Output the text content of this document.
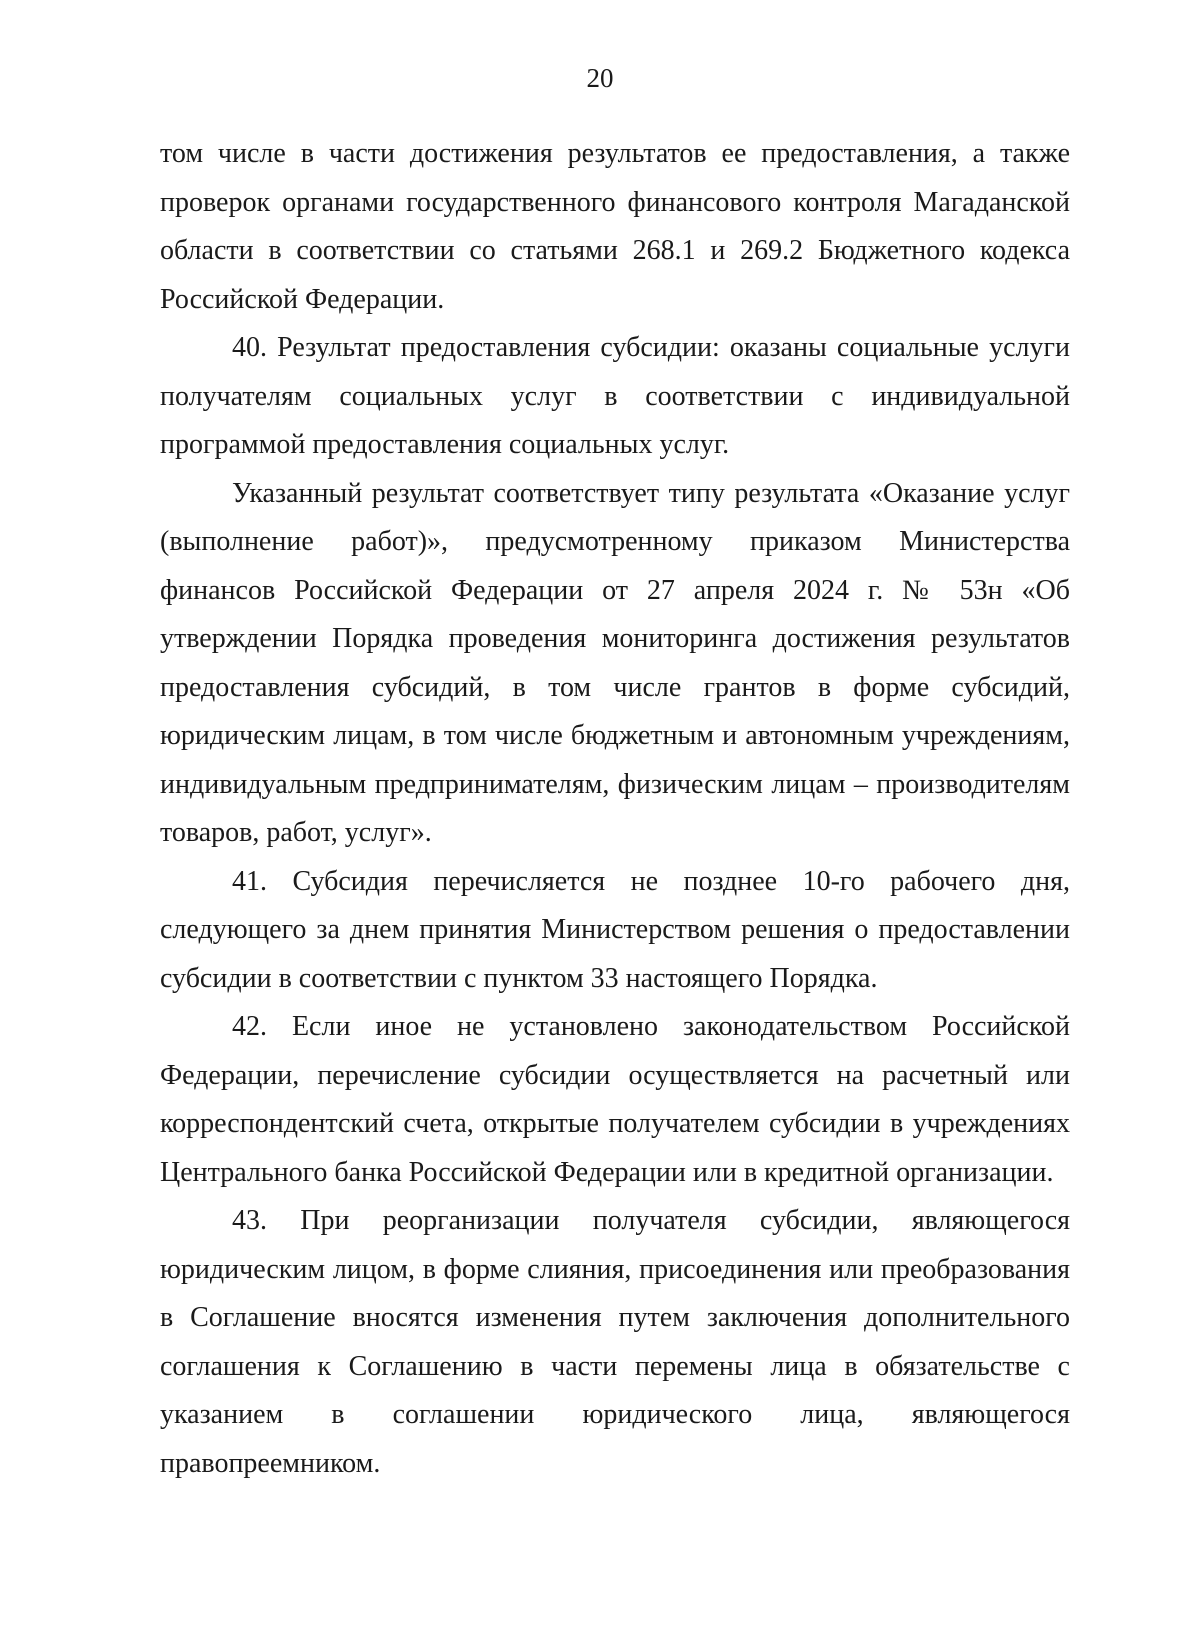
20

том числе в части достижения результатов ее предоставления, а также проверок органами государственного финансового контроля Магаданской области в соответствии со статьями 268.1 и 269.2 Бюджетного кодекса Российской Федерации.

40. Результат предоставления субсидии: оказаны социальные услуги получателям социальных услуг в соответствии с индивидуальной программой предоставления социальных услуг.

Указанный результат соответствует типу результата «Оказание услуг (выполнение работ)», предусмотренному приказом Министерства финансов Российской Федерации от 27 апреля 2024 г. № 53н «Об утверждении Порядка проведения мониторинга достижения результатов предоставления субсидий, в том числе грантов в форме субсидий, юридическим лицам, в том числе бюджетным и автономным учреждениям, индивидуальным предпринимателям, физическим лицам – производителям товаров, работ, услуг».

41. Субсидия перечисляется не позднее 10-го рабочего дня, следующего за днем принятия Министерством решения о предоставлении субсидии в соответствии с пунктом 33 настоящего Порядка.

42. Если иное не установлено законодательством Российской Федерации, перечисление субсидии осуществляется на расчетный или корреспондентский счета, открытые получателем субсидии в учреждениях Центрального банка Российской Федерации или в кредитной организации.

43. При реорганизации получателя субсидии, являющегося юридическим лицом, в форме слияния, присоединения или преобразования в Соглашение вносятся изменения путем заключения дополнительного соглашения к Соглашению в части перемены лица в обязательстве с указанием в соглашении юридического лица, являющегося правопреемником.
